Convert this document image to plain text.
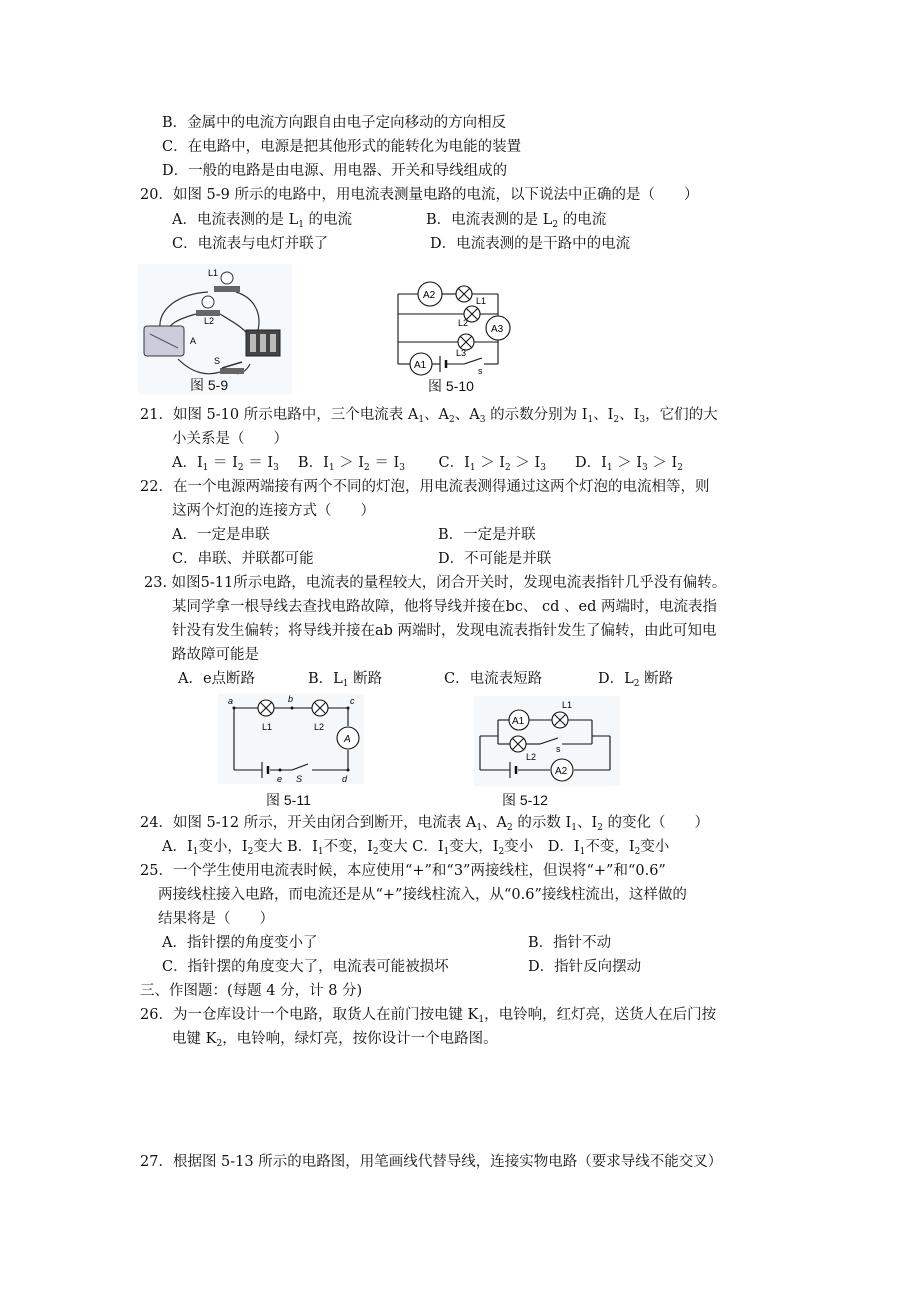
B．金属中的电流方向跟自由电子定向移动的方向相反
C．在电路中，电源是把其他形式的能转化为电能的装置
D．一般的电路是由电源、用电器、开关和导线组成的
20．如图 5-9 所示的电路中，用电流表测量电路的电流，以下说法中正确的是（　　）
A．电流表测的是 $L_1$ 的电流	B．电流表测的是 $L_2$ 的电流
C．电流表与电灯并联了	D．电流表测的是干路中的电流
L1
L2
A
S
图 5-9
A2	L1
L2
A3
L3
A1	s
图 5-10
21．如图 5-10 所示电路中，三个电流表 $A_1$、$A_2$、$A_3$ 的示数分别为 $I_1$、$I_2$、$I_3$，它们的大
小关系是（　　）
A．$I_1 = I_2 = I_3$　 B．$I_1 > I_2 = I_3$　　 C．$I_1 > I_2 > I_3$　　D．$I_1 > I_3 > I_2$
22．在一个电源两端接有两个不同的灯泡，用电流表测得通过这两个灯泡的电流相等，则
这两个灯泡的连接方式（　　）
A．一定是串联	B．一定是并联
C．串联、并联都可能	D．不可能是并联
23. 如图5-11所示电路，电流表的量程较大，闭合开关时，发现电流表指针几乎没有偏转。
某同学拿一根导线去查找电路故障，他将导线并接在bc、 cd 、ed 两端时，电流表指
针没有发生偏转；将导线并接在ab 两端时，发现电流表指针发生了偏转，由此可知电
路故障可能是
A．e点断路	B．$L_1$ 断路	C．电流表短路	D．$L_2$ 断路
a	b	c
d
e S
L1	L2
A
图 5-11
A1
L1
L2
s
A2
图 5-12
24．如图 5-12 所示，开关由闭合到断开，电流表 $A_1$、$A_2$ 的示数 $I_1$、$I_2$ 的变化（　　）
A．$I_1$变小，$I_2$变大 B．$I_1$不变，$I_2$变大 C．$I_1$变大，$I_2$变小　D．$I_1$不变，$I_2$变小
25．一个学生使用电流表时候，本应使用“+”和“3”两接线柱，但误将“+”和“0.6”
两接线柱接入电路，而电流还是从“+”接线柱流入，从“0.6”接线柱流出，这样做的
结果将是（　　）
A．指针摆的角度变小了	B．指针不动
C．指针摆的角度变大了，电流表可能被损坏	D．指针反向摆动
三、作图题：(每题 4 分，计 8 分)
26．为一仓库设计一个电路，取货人在前门按电键 $K_1$，电铃响，红灯亮，送货人在后门按
电键 $K_2$，电铃响，绿灯亮，按你设计一个电路图。
27．根据图 5-13 所示的电路图，用笔画线代替导线，连接实物电路（要求导线不能交叉）
